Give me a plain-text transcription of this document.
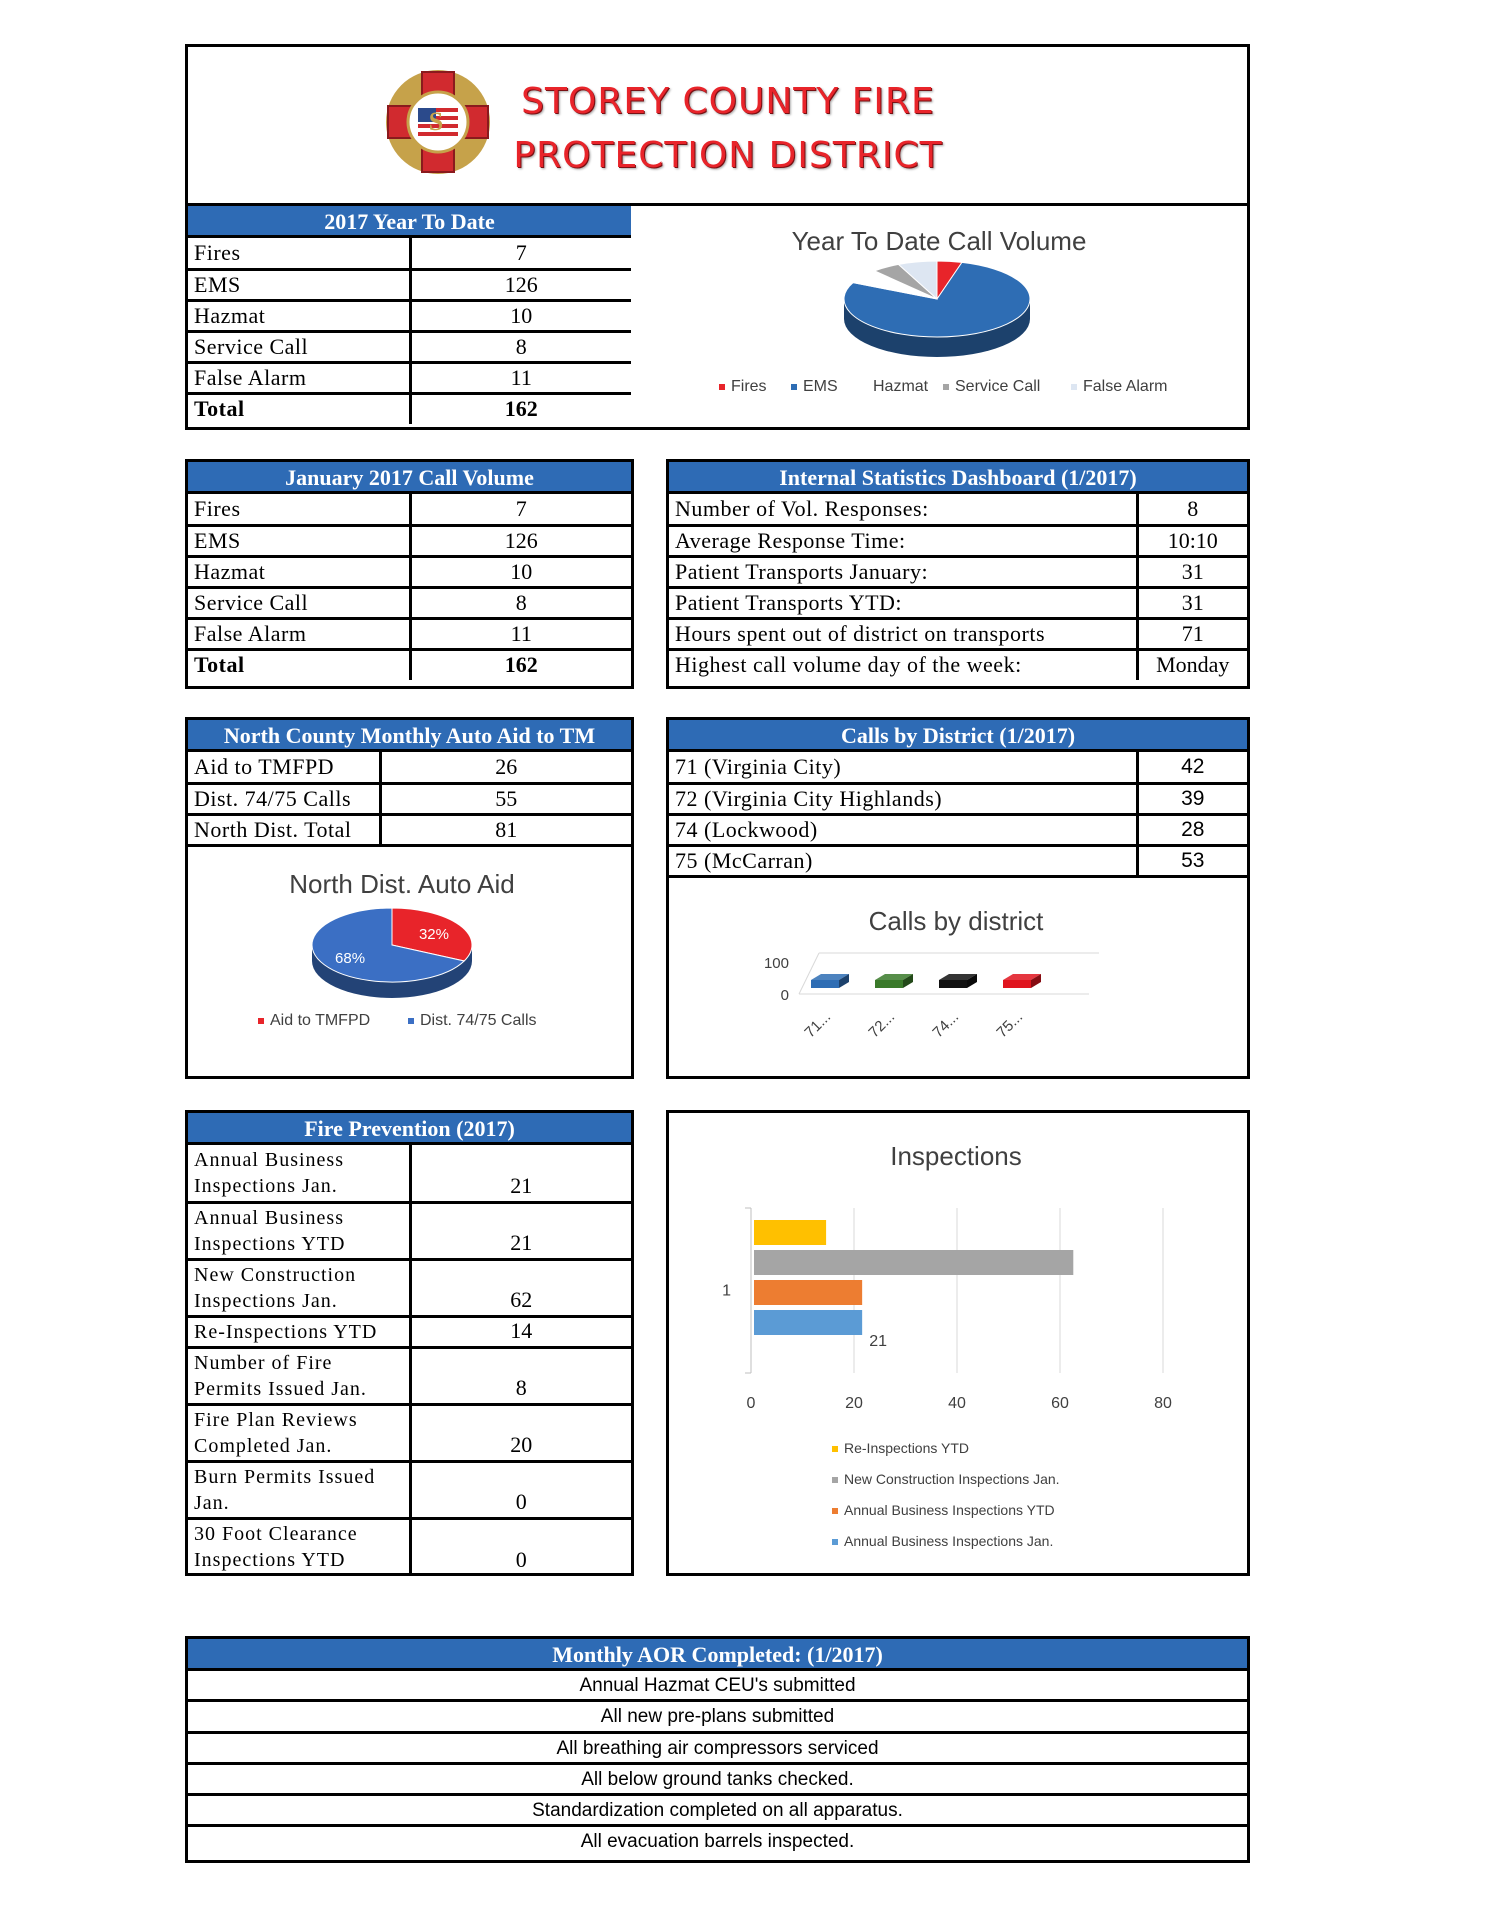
S	STOREY COUNTY FIRE
PROTECTION DISTRICT
2017 Year To Date
Fires	7
EMS	126
Hazmat	10
Service Call	8
False Alarm	11
Total	162
Year To Date Call Volume
Fires EMS Hazmat Service Call	False Alarm
January 2017 Call Volume
Fires	7
EMS	126
Hazmat	10
Service Call	8
False Alarm	11
Total	162
Internal Statistics Dashboard (1/2017)
Number of Vol. Responses:	8
Average Response Time:	10:10
Patient Transports January:	31
Patient Transports YTD:	31
Hours spent out of district on transports	71
Highest call volume day of the week:	Monday
North County Monthly Auto Aid to TM
Aid to TMFPD	26
Dist. 74/75 Calls	55
North Dist. Total	81
North Dist. Auto Aid
32%
68%
Aid to TMFPD	Dist. 74/75 Calls
Calls by District (1/2017)
71 (Virginia City)	42
72 (Virginia City Highlands)	39
74 (Lockwood)	28
75 (McCarran)	53
Calls by district
100
0
71... 72... 74... 75...
Fire Prevention (2017)
Annual Business Inspections Jan.	21
Annual Business Inspections YTD	21
New Construction Inspections Jan.	62
Re-Inspections YTD	14
Number of Fire Permits Issued Jan.	8
Fire Plan Reviews Completed Jan.	20
Burn Permits Issued Jan.	0
30 Foot Clearance Inspections YTD	0
Inspections
0	20	40	60	80
1
21
Re-Inspections YTD
New Construction Inspections Jan.
Annual Business Inspections YTD
Annual Business Inspections Jan.
Monthly AOR Completed: (1/2017)
Annual Hazmat CEU's submitted
All new pre-plans submitted
All breathing air compressors serviced
All below ground tanks checked.
Standardization completed on all apparatus.
All evacuation barrels inspected.
